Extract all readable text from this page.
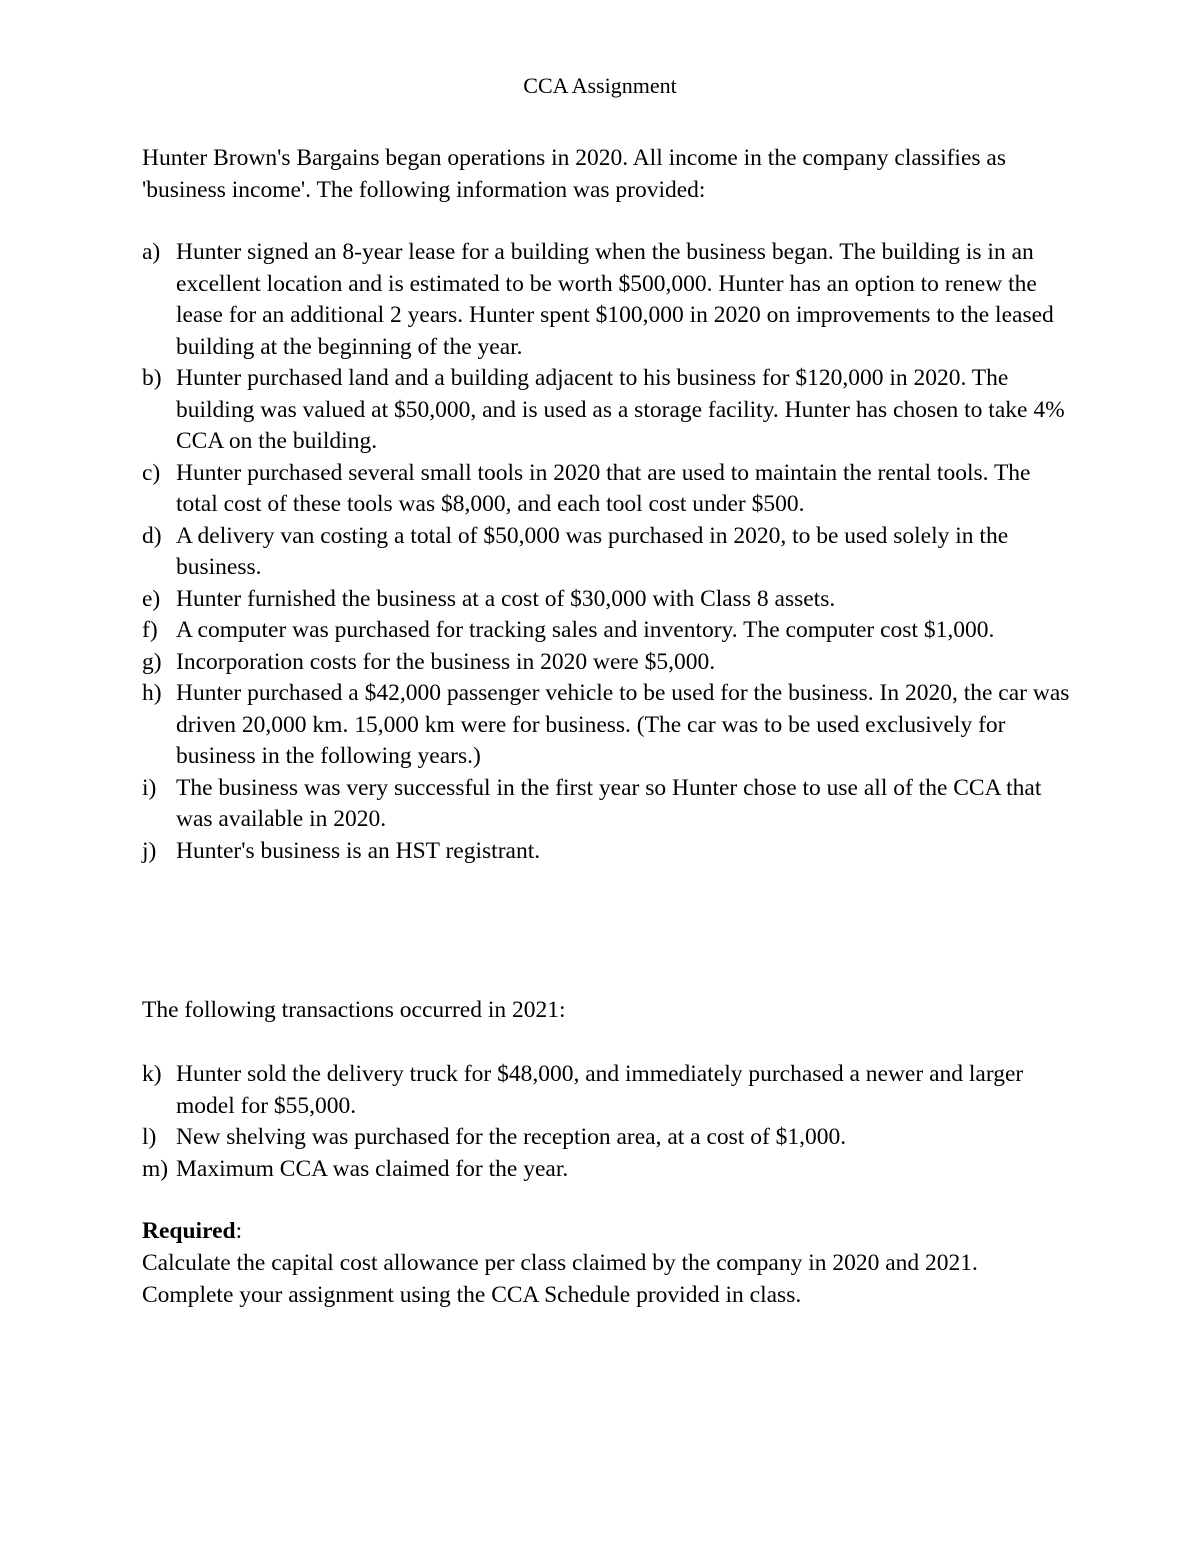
CCA Assignment

Hunter Brown's Bargains began operations in 2020. All income in the company classifies as 'business income'. The following information was provided:

a) Hunter signed an 8-year lease for a building when the business began. The building is in an excellent location and is estimated to be worth $500,000. Hunter has an option to renew the lease for an additional 2 years. Hunter spent $100,000 in 2020 on improvements to the leased building at the beginning of the year.
b) Hunter purchased land and a building adjacent to his business for $120,000 in 2020. The building was valued at $50,000, and is used as a storage facility. Hunter has chosen to take 4% CCA on the building.
c) Hunter purchased several small tools in 2020 that are used to maintain the rental tools. The total cost of these tools was $8,000, and each tool cost under $500.
d) A delivery van costing a total of $50,000 was purchased in 2020, to be used solely in the business.
e) Hunter furnished the business at a cost of $30,000 with Class 8 assets.
f) A computer was purchased for tracking sales and inventory. The computer cost $1,000.
g) Incorporation costs for the business in 2020 were $5,000.
h) Hunter purchased a $42,000 passenger vehicle to be used for the business. In 2020, the car was driven 20,000 km. 15,000 km were for business. (The car was to be used exclusively for business in the following years.)
i) The business was very successful in the first year so Hunter chose to use all of the CCA that was available in 2020.
j) Hunter's business is an HST registrant.

The following transactions occurred in 2021:

k) Hunter sold the delivery truck for $48,000, and immediately purchased a newer and larger model for $55,000.
l) New shelving was purchased for the reception area, at a cost of $1,000.
m) Maximum CCA was claimed for the year.
Required:

Calculate the capital cost allowance per class claimed by the company in 2020 and 2021. Complete your assignment using the CCA Schedule provided in class.
